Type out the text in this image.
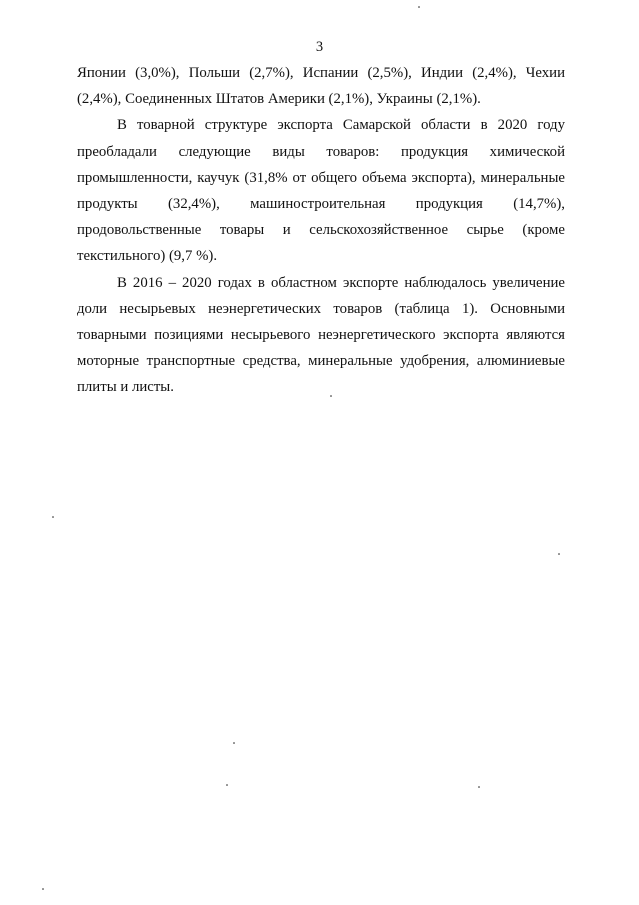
3

Японии (3,0%), Польши (2,7%), Испании (2,5%), Индии (2,4%), Чехии (2,4%), Соединенных Штатов Америки (2,1%), Украины (2,1%).

В товарной структуре экспорта Самарской области в 2020 году преобладали следующие виды товаров: продукция химической промышленности, каучук (31,8% от общего объема экспорта), минеральные продукты (32,4%), машиностроительная продукция (14,7%), продовольственные товары и сельскохозяйственное сырье (кроме текстильного) (9,7 %).

В 2016 – 2020 годах в областном экспорте наблюдалось увеличение доли несырьевых неэнергетических товаров (таблица 1). Основными товарными позициями несырьевого неэнергетического экспорта являются моторные транспортные средства, минеральные удобрения, алюминиевые плиты и листы.
